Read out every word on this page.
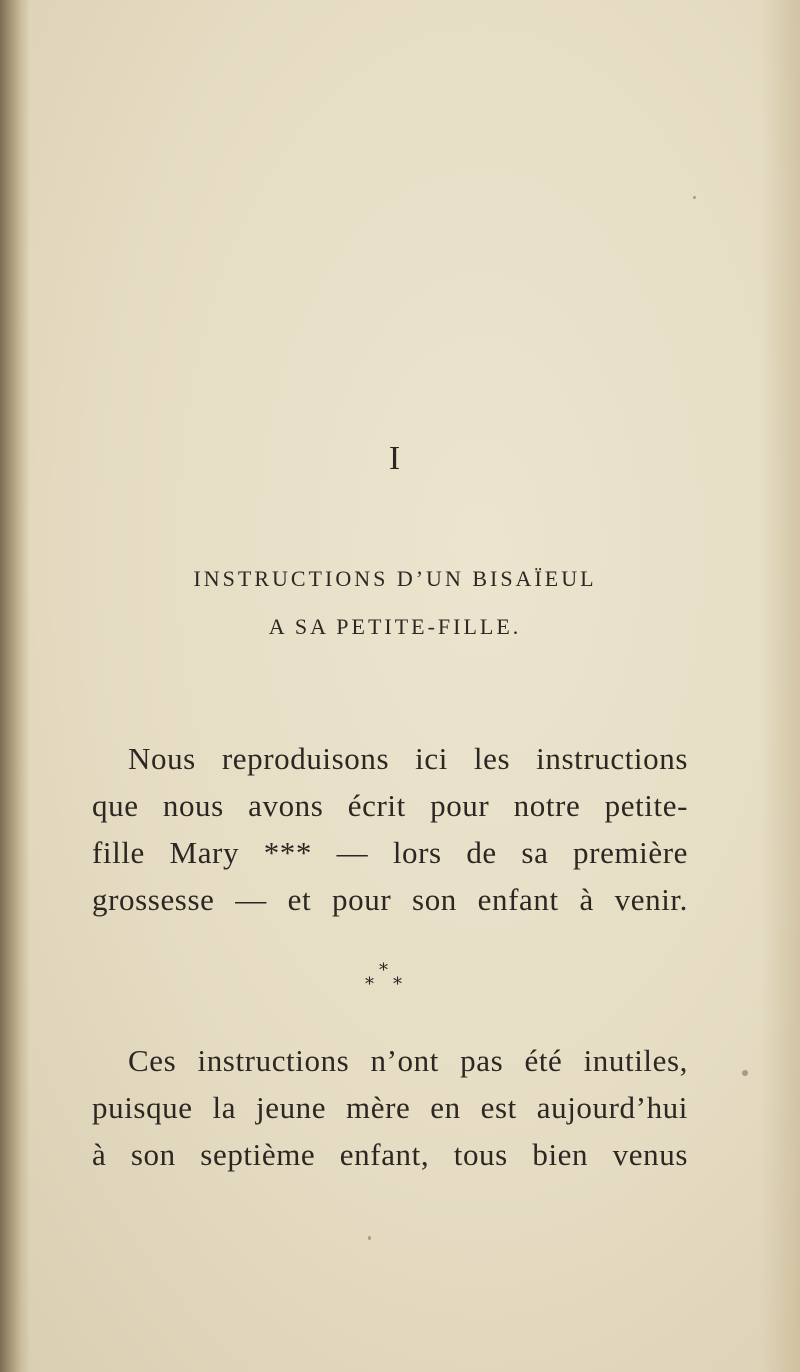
I
INSTRUCTIONS D’UN BISAÏEUL
A SA PETITE-FILLE.
Nous reproduisons ici les instructions
que nous avons écrit pour notre petite-
fille Mary *** — lors de sa première
grossesse — et pour son enfant à venir.
*
* *
Ces instructions n’ont pas été inutiles,
puisque la jeune mère en est aujourd’hui
à son septième enfant, tous bien venus
